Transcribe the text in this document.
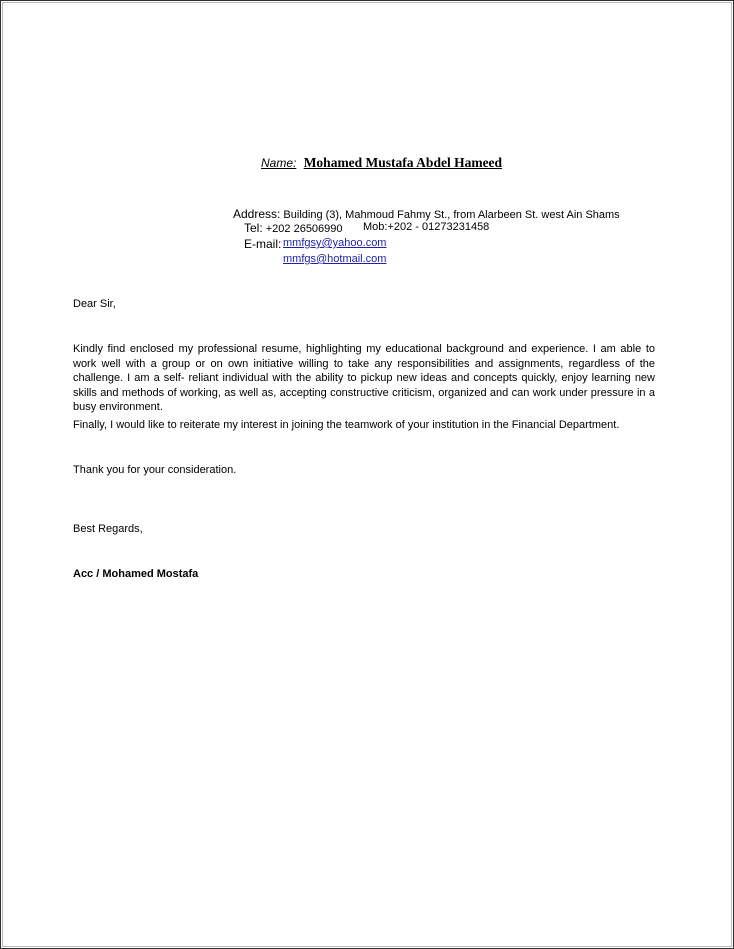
Name: Mohamed Mustafa Abdel Hameed
Address: Building (3), Mahmoud Fahmy St., from Alarbeen St. west Ain Shams
Tel: +202 26506990 Mob:+202 - 01273231458
E-mail: mmfgsy@yahoo.com
mmfgs@hotmail.com
Dear Sir,
Kindly find enclosed my professional resume, highlighting my educational background and experience. I am able to work well with a group or on own initiative willing to take any responsibilities and assignments, regardless of the challenge. I am a self- reliant individual with the ability to pickup new ideas and concepts quickly, enjoy learning new skills and methods of working, as well as, accepting constructive criticism, organized and can work under pressure in a busy environment.
Finally, I would like to reiterate my interest in joining the teamwork of your institution in the Financial Department.
Thank you for your consideration.
Best Regards,
Acc / Mohamed Mostafa
